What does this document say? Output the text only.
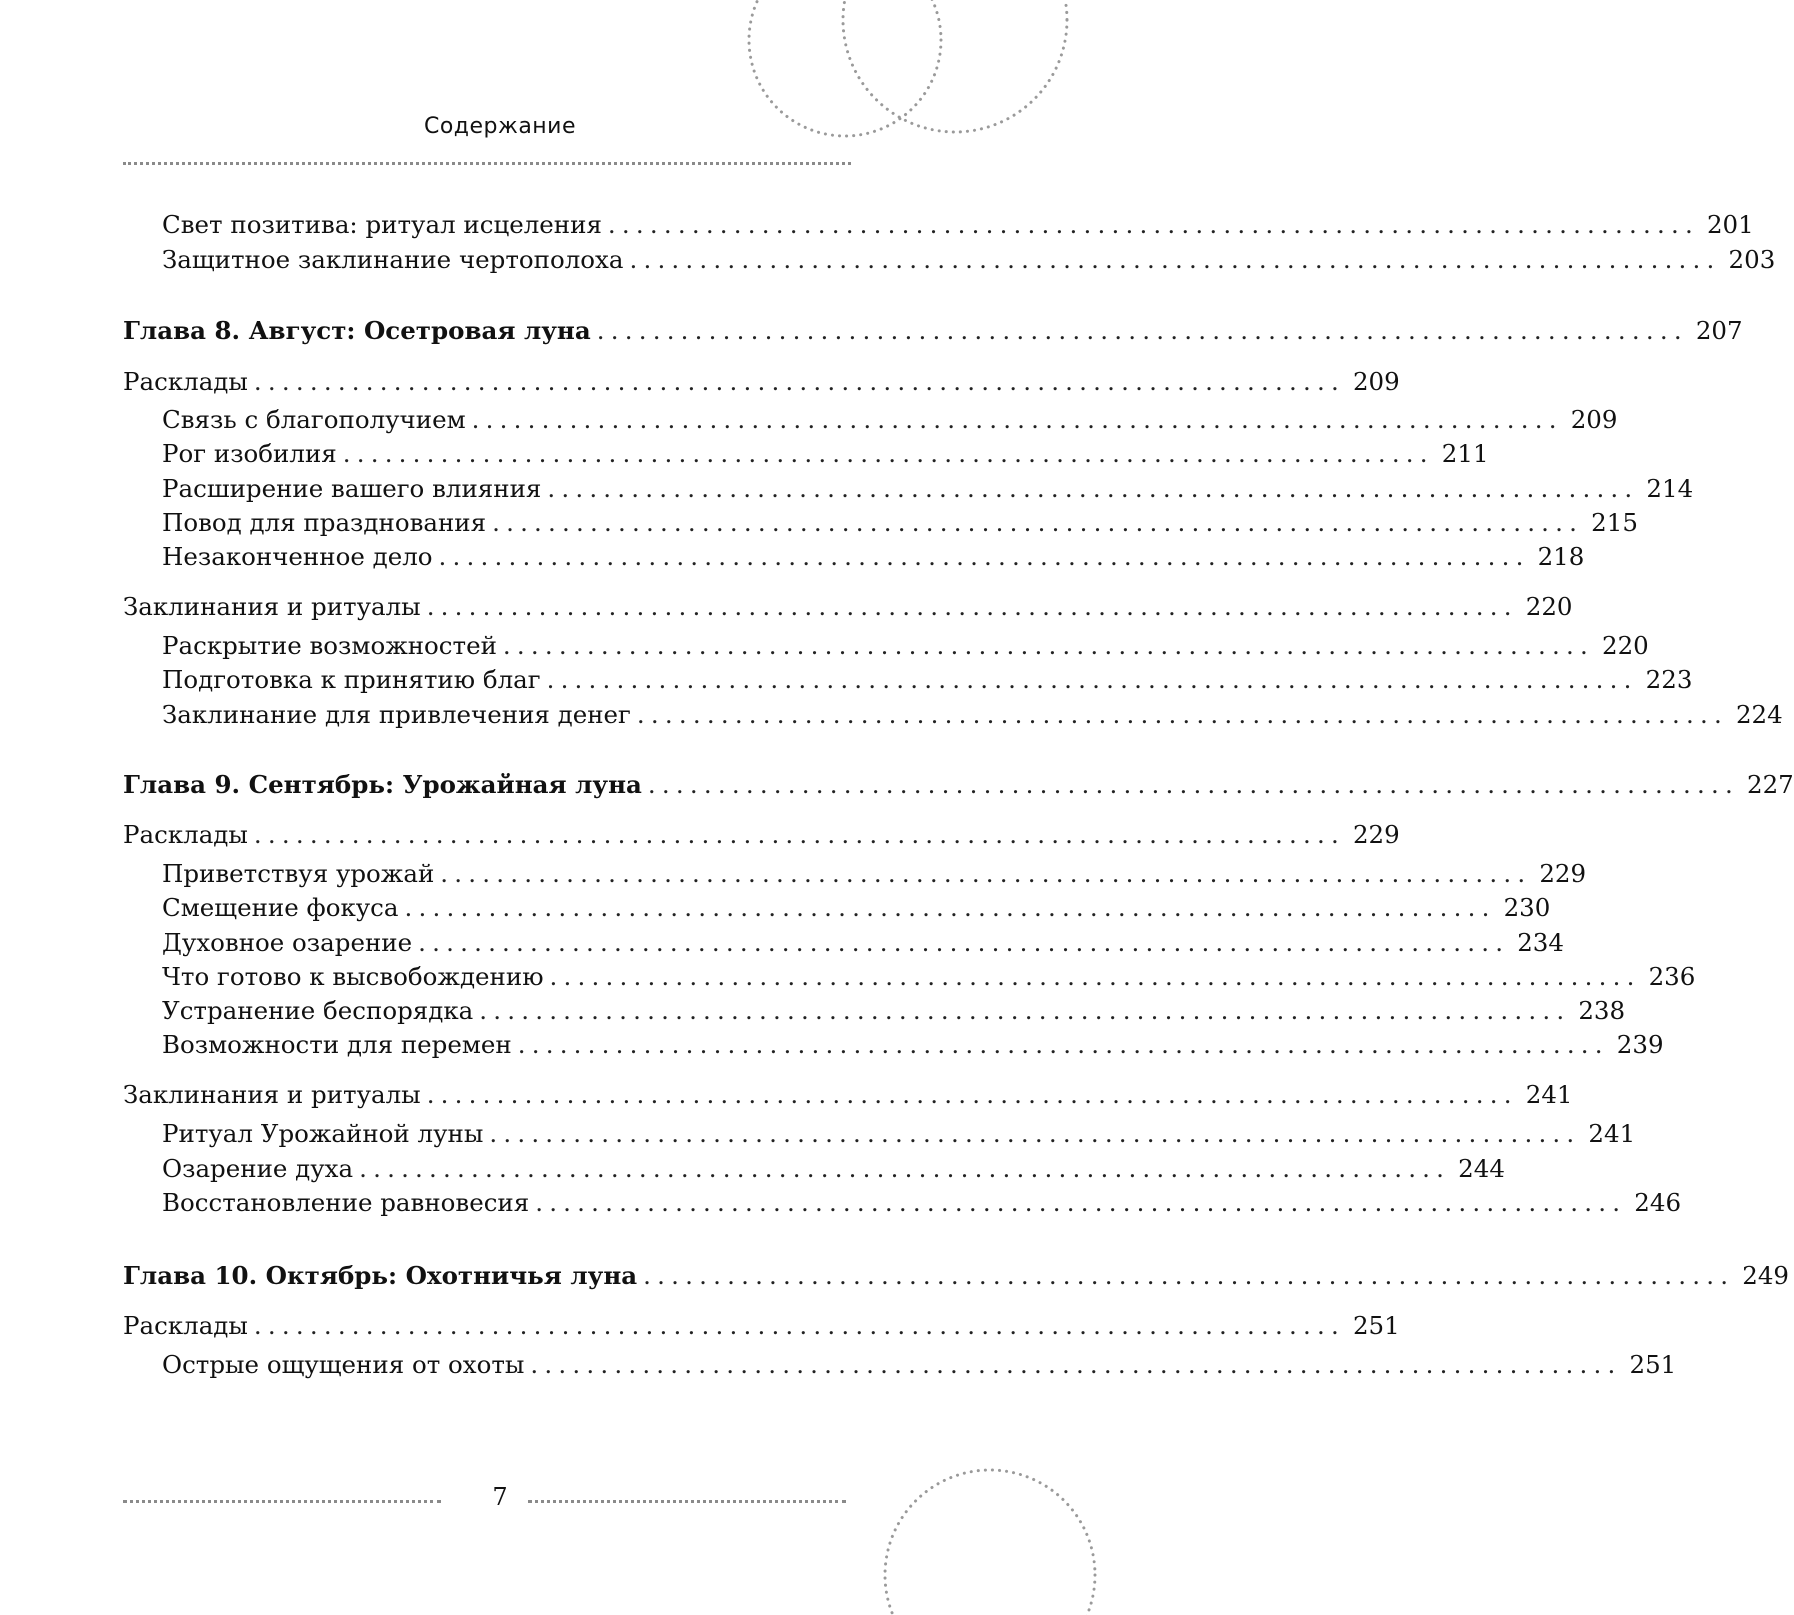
Содержание
Свет позитива: ритуал исцеления .............................................................................. 201
Защитное заклинание чертополоха .............................................................................. 203
Глава 8. Август: Осетровая луна .............................................................................. 207
Расклады .............................................................................. 209
Связь с благополучием .............................................................................. 209
Рог изобилия .............................................................................. 211
Расширение вашего влияния .............................................................................. 214
Повод для празднования .............................................................................. 215
Незаконченное дело .............................................................................. 218
Заклинания и ритуалы .............................................................................. 220
Раскрытие возможностей .............................................................................. 220
Подготовка к принятию благ .............................................................................. 223
Заклинание для привлечения денег .............................................................................. 224
Глава 9. Сентябрь: Урожайная луна .............................................................................. 227
Расклады .............................................................................. 229
Приветствуя урожай .............................................................................. 229
Смещение фокуса .............................................................................. 230
Духовное озарение .............................................................................. 234
Что готово к высвобождению .............................................................................. 236
Устранение беспорядка .............................................................................. 238
Возможности для перемен .............................................................................. 239
Заклинания и ритуалы .............................................................................. 241
Ритуал Урожайной луны .............................................................................. 241
Озарение духа .............................................................................. 244
Восстановление равновесия .............................................................................. 246
Глава 10. Октябрь: Охотничья луна .............................................................................. 249
Расклады .............................................................................. 251
Острые ощущения от охоты .............................................................................. 251
7
